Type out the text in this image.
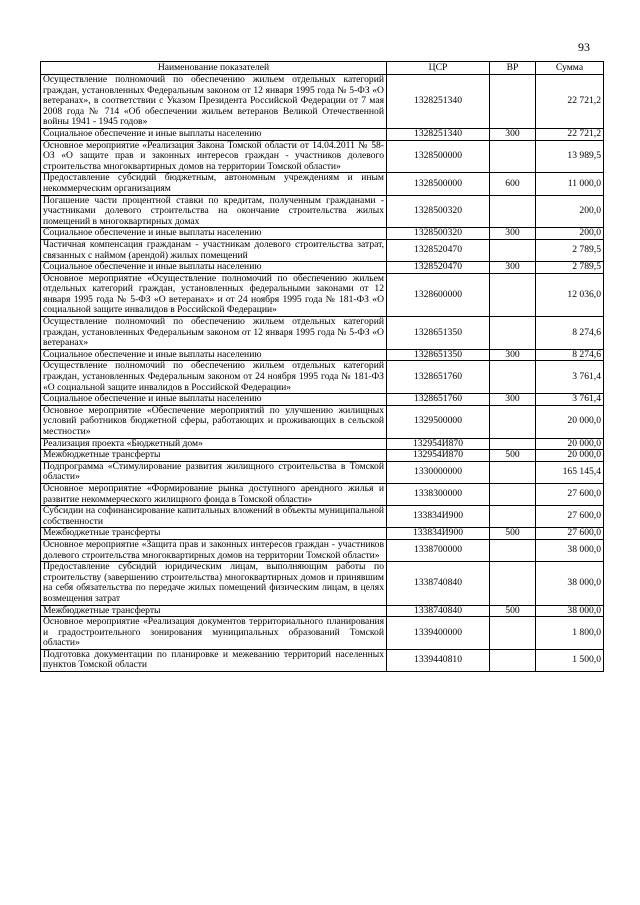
93
Наименование показателей	ЦСР	ВР	Сумма
Осуществление полномочий по обеспечению жильем отдельных категорий граждан, установленных Федеральным законом от 12 января 1995 года № 5-ФЗ «О ветеранах», в соответствии с Указом Президента Российской Федерации от 7 мая 2008 года № 714 «Об обеспечении жильем ветеранов Великой Отечественной войны 1941 - 1945 годов»	1328251340		22 721,2
Социальное обеспечение и иные выплаты населению	1328251340	300	22 721,2
Основное мероприятие «Реализация Закона Томской области от 14.04.2011 № 58-ОЗ «О защите прав и законных интересов граждан - участников долевого строительства многоквартирных домов на территории Томской области»	1328500000		13 989,5
Предоставление субсидий бюджетным, автономным учреждениям и иным некоммерческим организациям	1328500000	600	11 000,0
Погашение части процентной ставки по кредитам, полученным гражданами - участниками долевого строительства на окончание строительства жилых помещений в многоквартирных домах	1328500320		200,0
Социальное обеспечение и иные выплаты населению	1328500320	300	200,0
Частичная компенсация гражданам - участникам долевого строительства затрат, связанных с наймом (арендой) жилых помещений	1328520470		2 789,5
Социальное обеспечение и иные выплаты населению	1328520470	300	2 789,5
Основное мероприятие «Осуществление полномочий по обеспечению жильем отдельных категорий граждан, установленных федеральными законами от 12 января 1995 года № 5-ФЗ «О ветеранах» и от 24 ноября 1995 года № 181-ФЗ «О социальной защите инвалидов в Российской Федерации»	1328600000		12 036,0
Осуществление полномочий по обеспечению жильем отдельных категорий граждан, установленных Федеральным законом от 12 января 1995 года № 5-ФЗ «О ветеранах»	1328651350		8 274,6
Социальное обеспечение и иные выплаты населению	1328651350	300	8 274,6
Осуществление полномочий по обеспечению жильем отдельных категорий граждан, установленных Федеральным законом от 24 ноября 1995 года № 181-ФЗ «О социальной защите инвалидов в Российской Федерации»	1328651760		3 761,4
Социальное обеспечение и иные выплаты населению	1328651760	300	3 761,4
Основное мероприятие «Обеспечение мероприятий по улучшению жилищных условий работников бюджетной сферы, работающих и проживающих в сельской местности»	1329500000		20 000,0
Реализация проекта «Бюджетный дом»	132954И870		20 000,0
Межбюджетные трансферты	132954И870	500	20 000,0
Подпрограмма «Стимулирование развития жилищного строительства в Томской области»	1330000000		165 145,4
Основное мероприятие «Формирование рынка доступного арендного жилья и развитие некоммерческого жилищного фонда в Томской области»	1338300000		27 600,0
Субсидии на софинансирование капитальных вложений в объекты муниципальной собственности	133834И900		27 600,0
Межбюджетные трансферты	133834И900	500	27 600,0
Основное мероприятие «Защита прав и законных интересов граждан - участников долевого строительства многоквартирных домов на территории Томской области»	1338700000		38 000,0
Предоставление субсидий юридическим лицам, выполняющим работы по строительству (завершению строительства) многоквартирных домов и принявшим на себя обязательства по передаче жилых помещений физическим лицам, в целях возмещения затрат	1338740840		38 000,0
Межбюджетные трансферты	1338740840	500	38 000,0
Основное мероприятие «Реализация документов территориального планирования и градостроительного зонирования муниципальных образований Томской области»	1339400000		1 800,0
Подготовка документации по планировке и межеванию территорий населенных пунктов Томской области	1339440810		1 500,0
